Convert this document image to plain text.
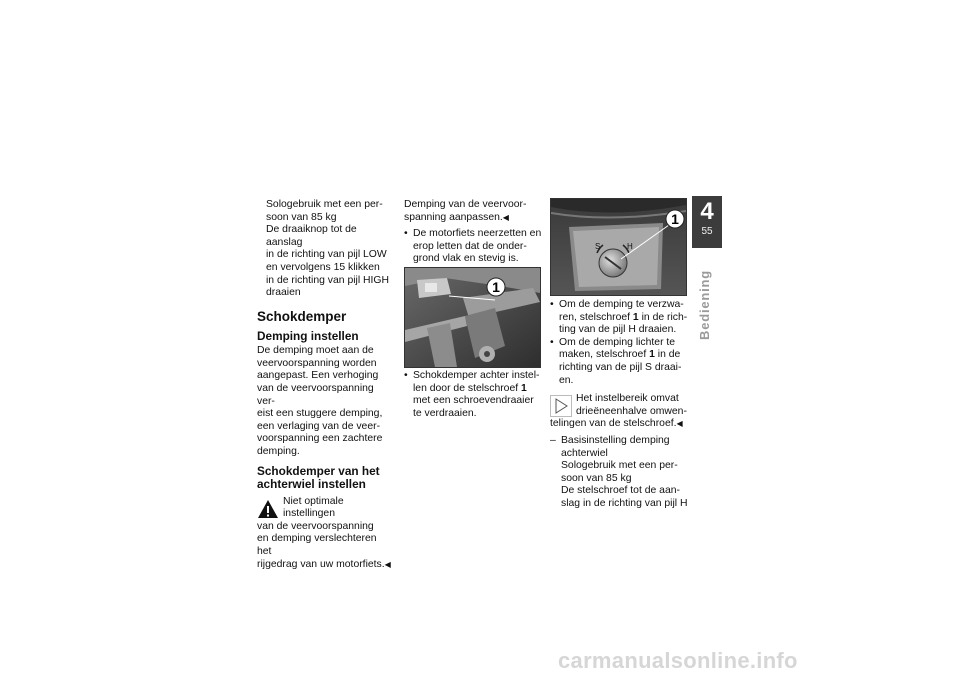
Sologebruik met een per-

soon van 85 kg

De draaiknop tot de aanslag

in de richting van pijl LOW

en vervolgens 15 klikken

in de richting van pijl HIGH

draaien

Schokdemper
Demping instellen

De demping moet aan de

veervoorspanning worden

aangepast. Een verhoging

van de veervoorspanning ver-

eist een stuggere demping,

een verlaging van de veer-

voorspanning een zachtere

demping.

Schokdemper van het

achterwiel instellen

Niet optimale instellingen

van de veervoorspanning

en demping verslechteren het

rijgedrag van uw motorfiets.◀

Demping van de veervoor-

spanning aanpassen.◀

• De motorfiets neerzetten en

erop letten dat de onder-

grond vlak en stevig is.

1

• Schokdemper achter instel-

len door de stelschroef 1

met een schroevendraaier

te verdraaien.

S	H
1

• Om de demping te verzwa-

ren, stelschroef 1 in de rich-

ting van de pijl H draaien.

• Om de demping lichter te

maken, stelschroef 1 in de

richting van de pijl S draai-

en.

Het instelbereik omvat

drieëneenhalve omwen-

telingen van de stelschroef.◀

– Basisinstelling demping

achterwiel

Sologebruik met een per-

soon van 85 kg

De stelschroef tot de aan-

slag in de richting van pijl H

4
55
Bediening
carmanualsonline.info
